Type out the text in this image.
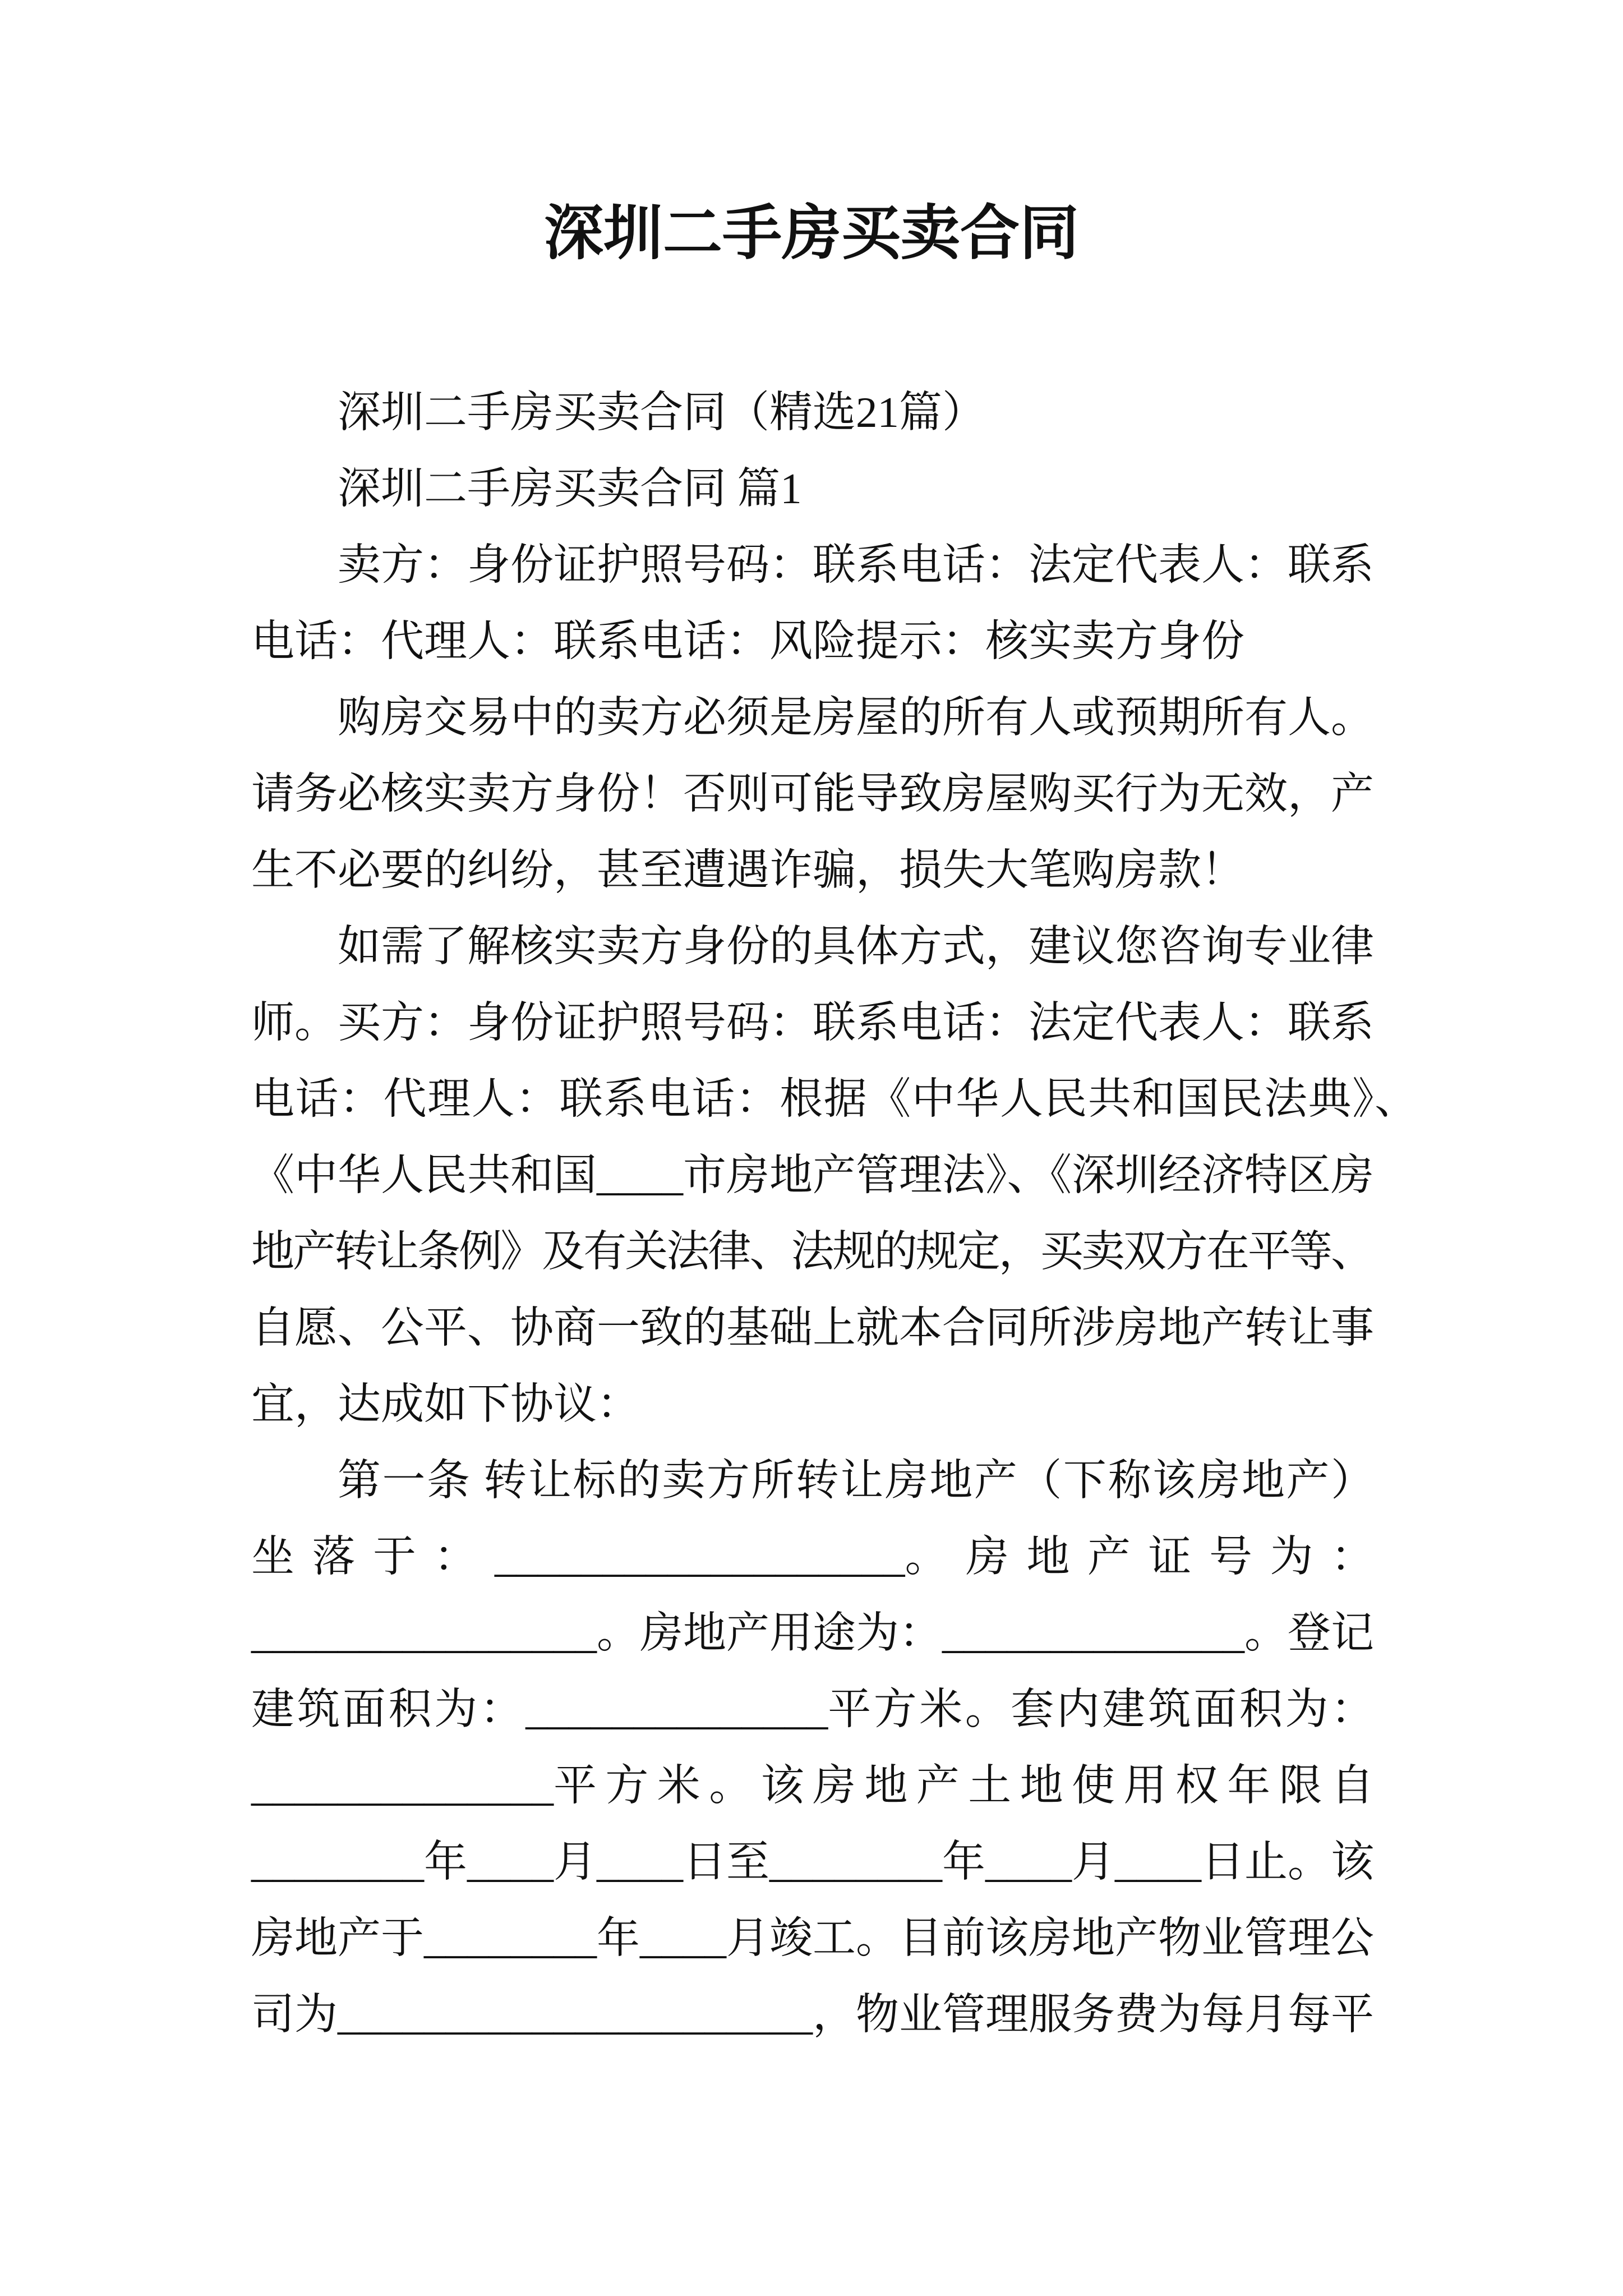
深圳二手房买卖合同
深圳二手房买卖合同（精选21篇）
深圳二手房买卖合同 篇1
卖方：身份证护照号码：联系电话：法定代表人：联系
电话：代理人：联系电话：风险提示：核实卖方身份
购房交易中的卖方必须是房屋的所有人或预期所有人。
请务必核实卖方身份！否则可能导致房屋购买行为无效，产
生不必要的纠纷，甚至遭遇诈骗，损失大笔购房款！
如需了解核实卖方身份的具体方式，建议您咨询专业律
师。买方：身份证护照号码：联系电话：法定代表人：联系
电话：代理人：联系电话：根据《中华人民共和国民法典》、
《中华人民共和国____市房地产管理法》、《深圳经济特区房
地产转让条例》及有关法律、法规的规定，买卖双方在平等、
自愿、公平、协商一致的基础上就本合同所涉房地产转让事
宜，达成如下协议：
第一条 转让标的卖方所转让房地产（下称该房地产）
坐落于：___________________。房地产证号为：
________________。房地产用途为：______________。登记
建筑面积为：______________平方米。套内建筑面积为：
______________平方米。该房地产土地使用权年限自
________年____月____日至________年____月____日止。该
房地产于________年____月竣工。目前该房地产物业管理公
司为______________________，物业管理服务费为每月每平
